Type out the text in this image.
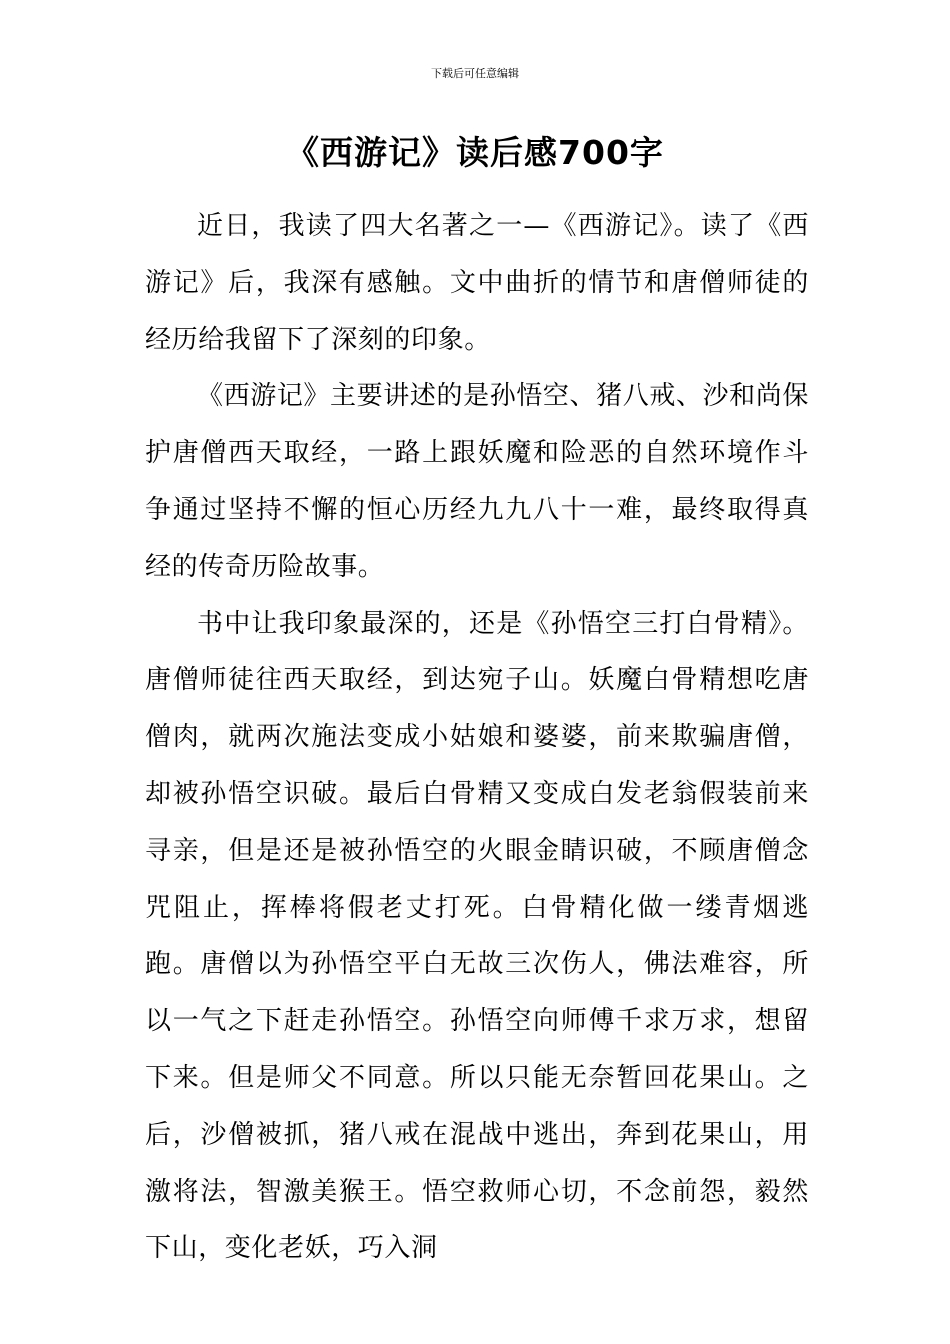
下载后可任意编辑
《西游记》读后感700字

近日，我读了四大名著之一—《西游记》。读了《西游记》后，我深有感触。文中曲折的情节和唐僧师徒的经历给我留下了深刻的印象。

《西游记》主要讲述的是孙悟空、猪八戒、沙和尚保护唐僧西天取经，一路上跟妖魔和险恶的自然环境作斗争通过坚持不懈的恒心历经九九八十一难，最终取得真经的传奇历险故事。

书中让我印象最深的，还是《孙悟空三打白骨精》。唐僧师徒往西天取经，到达宛子山。妖魔白骨精想吃唐僧肉，就两次施法变成小姑娘和婆婆，前来欺骗唐僧，却被孙悟空识破。最后白骨精又变成白发老翁假装前来寻亲，但是还是被孙悟空的火眼金睛识破，不顾唐僧念咒阻止，挥棒将假老丈打死。白骨精化做一缕青烟逃跑。唐僧以为孙悟空平白无故三次伤人，佛法难容，所以一气之下赶走孙悟空。孙悟空向师傅千求万求，想留下来。但是师父不同意。所以只能无奈暂回花果山。之后，沙僧被抓，猪八戒在混战中逃出，奔到花果山，用激将法，智激美猴王。悟空救师心切，不念前怨，毅然下山，变化老妖，巧入洞
